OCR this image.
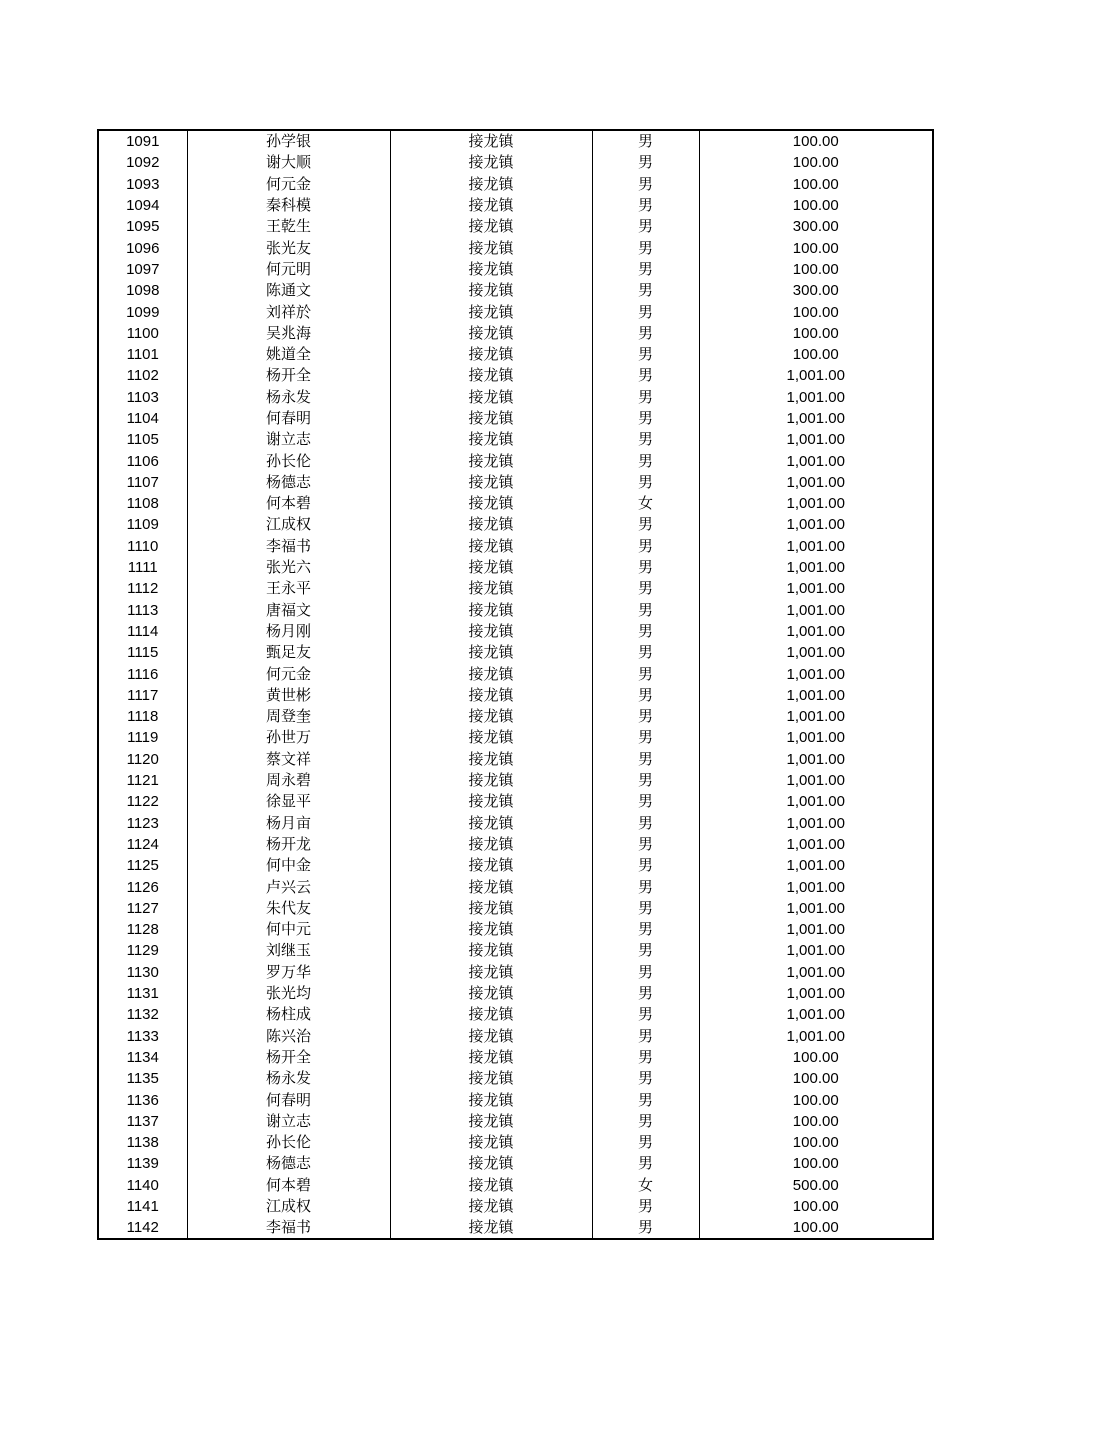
1091	孙学银	接龙镇	男	100.00
1092	谢大顺	接龙镇	男	100.00
1093	何元金	接龙镇	男	100.00
1094	秦科模	接龙镇	男	100.00
1095	王乾生	接龙镇	男	300.00
1096	张光友	接龙镇	男	100.00
1097	何元明	接龙镇	男	100.00
1098	陈通文	接龙镇	男	300.00
1099	刘祥於	接龙镇	男	100.00
1100	吴兆海	接龙镇	男	100.00
1101	姚道全	接龙镇	男	100.00
1102	杨开全	接龙镇	男	1,001.00
1103	杨永发	接龙镇	男	1,001.00
1104	何春明	接龙镇	男	1,001.00
1105	谢立志	接龙镇	男	1,001.00
1106	孙长伦	接龙镇	男	1,001.00
1107	杨德志	接龙镇	男	1,001.00
1108	何本碧	接龙镇	女	1,001.00
1109	江成权	接龙镇	男	1,001.00
1110	李福书	接龙镇	男	1,001.00
1111	张光六	接龙镇	男	1,001.00
1112	王永平	接龙镇	男	1,001.00
1113	唐福文	接龙镇	男	1,001.00
1114	杨月刚	接龙镇	男	1,001.00
1115	甄足友	接龙镇	男	1,001.00
1116	何元金	接龙镇	男	1,001.00
1117	黄世彬	接龙镇	男	1,001.00
1118	周登奎	接龙镇	男	1,001.00
1119	孙世万	接龙镇	男	1,001.00
1120	蔡文祥	接龙镇	男	1,001.00
1121	周永碧	接龙镇	男	1,001.00
1122	徐显平	接龙镇	男	1,001.00
1123	杨月亩	接龙镇	男	1,001.00
1124	杨开龙	接龙镇	男	1,001.00
1125	何中金	接龙镇	男	1,001.00
1126	卢兴云	接龙镇	男	1,001.00
1127	朱代友	接龙镇	男	1,001.00
1128	何中元	接龙镇	男	1,001.00
1129	刘继玉	接龙镇	男	1,001.00
1130	罗万华	接龙镇	男	1,001.00
1131	张光均	接龙镇	男	1,001.00
1132	杨柱成	接龙镇	男	1,001.00
1133	陈兴治	接龙镇	男	1,001.00
1134	杨开全	接龙镇	男	100.00
1135	杨永发	接龙镇	男	100.00
1136	何春明	接龙镇	男	100.00
1137	谢立志	接龙镇	男	100.00
1138	孙长伦	接龙镇	男	100.00
1139	杨德志	接龙镇	男	100.00
1140	何本碧	接龙镇	女	500.00
1141	江成权	接龙镇	男	100.00
1142	李福书	接龙镇	男	100.00
